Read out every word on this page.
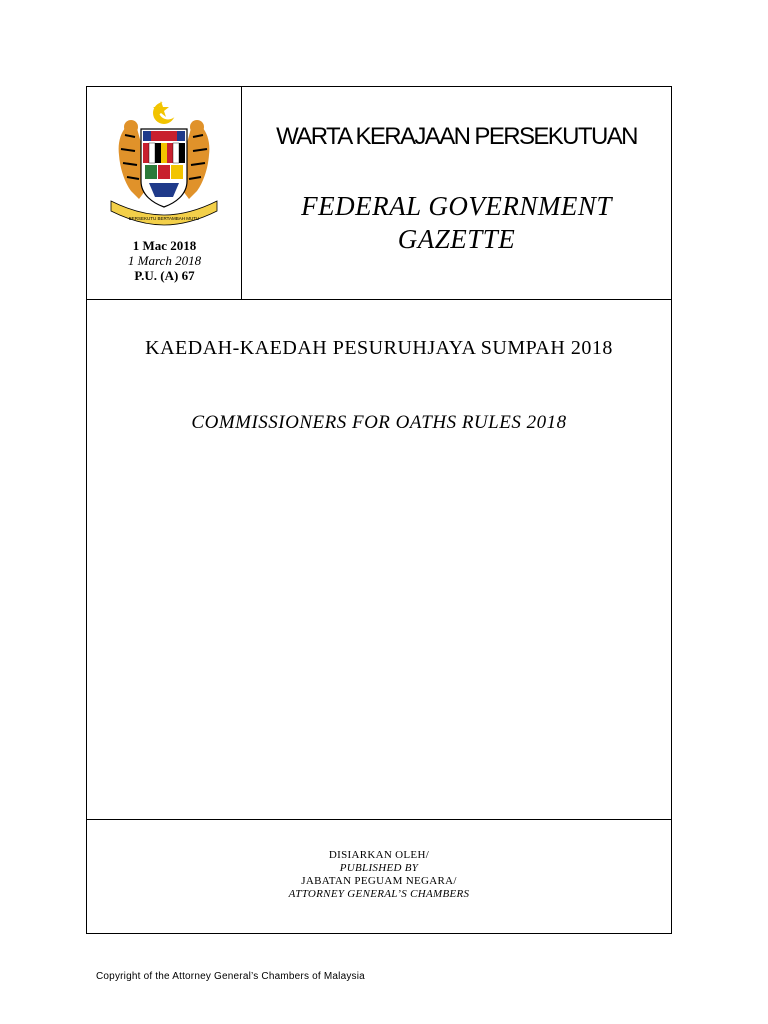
BERSEKUTU BERTAMBAH MUTU
1 Mac 2018
1 March 2018
P.U. (A) 67
WARTA KERAJAAN PERSEKUTUAN
FEDERAL GOVERNMENT
GAZETTE
KAEDAH-KAEDAH PESURUHJAYA SUMPAH 2018
COMMISSIONERS FOR OATHS RULES 2018
DISIARKAN OLEH/
PUBLISHED BY
JABATAN PEGUAM NEGARA/
ATTORNEY GENERAL’S CHAMBERS
Copyright of the Attorney General’s Chambers of Malaysia
